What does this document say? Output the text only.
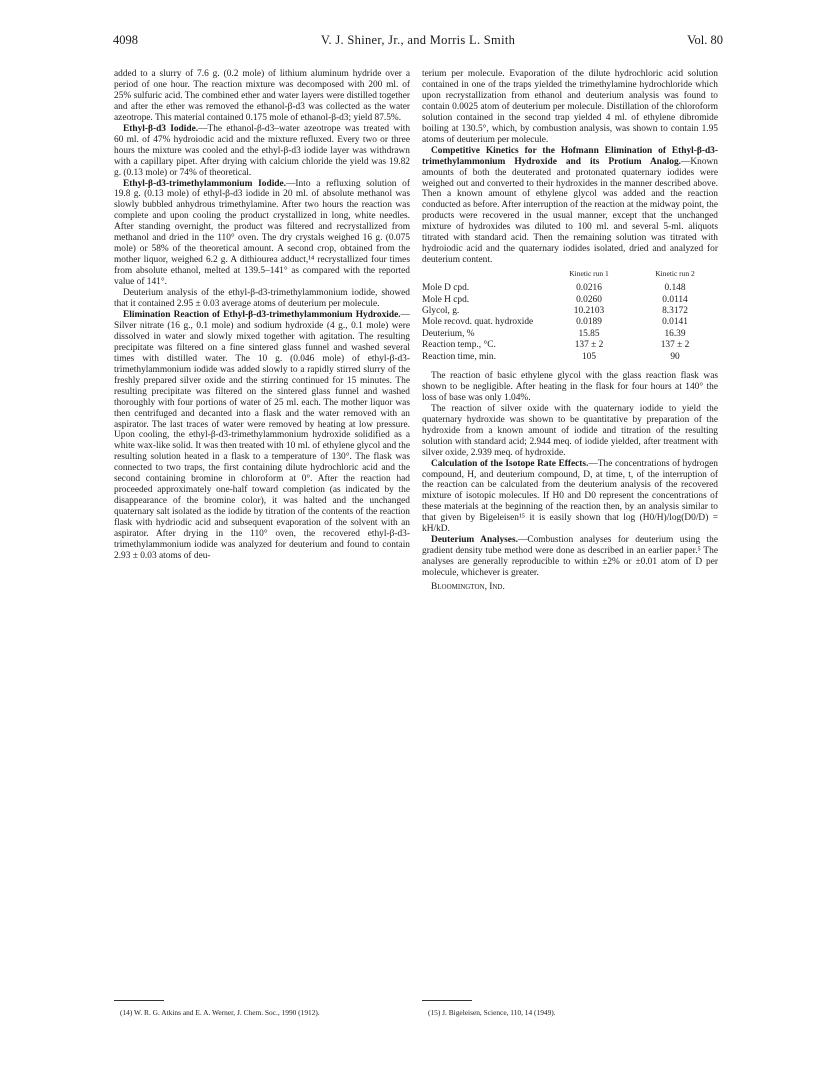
4098	V. J. Shiner, Jr., and Morris L. Smith	Vol. 80

added to a slurry of 7.6 g. (0.2 mole) of lithium aluminum hydride over a period of one hour. The reaction mixture was decomposed with 200 ml. of 25% sulfuric acid. The combined ether and water layers were distilled together and after the ether was removed the ethanol-β-d3 was collected as the water azeotrope. This material contained 0.175 mole of ethanol-β-d3; yield 87.5%.

Ethyl-β-d3 Iodide.—The ethanol-β-d3–water azeotrope was treated with 60 ml. of 47% hydroiodic acid and the mixture refluxed. Every two or three hours the mixture was cooled and the ethyl-β-d3 iodide layer was withdrawn with a capillary pipet. After drying with calcium chloride the yield was 19.82 g. (0.13 mole) or 74% of theoretical.

Ethyl-β-d3-trimethylammonium Iodide.—Into a refluxing solution of 19.8 g. (0.13 mole) of ethyl-β-d3 iodide in 20 ml. of absolute methanol was slowly bubbled anhydrous trimethylamine. After two hours the reaction was complete and upon cooling the product crystallized in long, white needles. After standing overnight, the product was filtered and recrystallized from methanol and dried in the 110° oven. The dry crystals weighed 16 g. (0.075 mole) or 58% of the theoretical amount. A second crop, obtained from the mother liquor, weighed 6.2 g. A dithiourea adduct,¹⁴ recrystallized four times from absolute ethanol, melted at 139.5–141° as compared with the reported value of 141°.

Deuterium analysis of the ethyl-β-d3-trimethylammonium iodide, showed that it contained 2.95 ± 0.03 average atoms of deuterium per molecule.

Elimination Reaction of Ethyl-β-d3-trimethylammonium Hydroxide.—Silver nitrate (16 g., 0.1 mole) and sodium hydroxide (4 g., 0.1 mole) were dissolved in water and slowly mixed together with agitation. The resulting precipitate was filtered on a fine sintered glass funnel and washed several times with distilled water. The 10 g. (0.046 mole) of ethyl-β-d3-trimethylammonium iodide was added slowly to a rapidly stirred slurry of the freshly prepared silver oxide and the stirring continued for 15 minutes. The resulting precipitate was filtered on the sintered glass funnel and washed thoroughly with four portions of water of 25 ml. each. The mother liquor was then centrifuged and decanted into a flask and the water removed with an aspirator. The last traces of water were removed by heating at low pressure. Upon cooling, the ethyl-β-d3-trimethylammonium hydroxide solidified as a white wax-like solid. It was then treated with 10 ml. of ethylene glycol and the resulting solution heated in a flask to a temperature of 130°. The flask was connected to two traps, the first containing dilute hydrochloric acid and the second containing bromine in chloroform at 0°. After the reaction had proceeded approximately one-half toward completion (as indicated by the disappearance of the bromine color), it was halted and the unchanged quaternary salt isolated as the iodide by titration of the contents of the reaction flask with hydriodic acid and subsequent evaporation of the solvent with an aspirator. After drying in the 110° oven, the recovered ethyl-β-d3-trimethylammonium iodide was analyzed for deuterium and found to contain 2.93 ± 0.03 atoms of deu-

terium per molecule. Evaporation of the dilute hydrochloric acid solution contained in one of the traps yielded the trimethylamine hydrochloride which upon recrystallization from ethanol and deuterium analysis was found to contain 0.0025 atom of deuterium per molecule. Distillation of the chloroform solution contained in the second trap yielded 4 ml. of ethylene dibromide boiling at 130.5°, which, by combustion analysis, was shown to contain 1.95 atoms of deuterium per molecule.

Competitive Kinetics for the Hofmann Elimination of Ethyl-β-d3-trimethylammonium Hydroxide and its Protium Analog.—Known amounts of both the deuterated and protonated quaternary iodides were weighed out and converted to their hydroxides in the manner described above. Then a known amount of ethylene glycol was added and the reaction conducted as before. After interruption of the reaction at the midway point, the products were recovered in the usual manner, except that the unchanged mixture of hydroxides was diluted to 100 ml. and several 5-ml. aliquots titrated with standard acid. Then the remaining solution was titrated with hydroiodic acid and the quaternary iodides isolated, dried and analyzed for deuterium content.

	Kinetic run 1	Kinetic run 2
Mole D cpd.	0.0216	0.148
Mole H cpd.	0.0260	0.0114
Glycol, g.	10.2103	8.3172
Mole recovd. quat. hydroxide	0.0189	0.0141
Deuterium, %	15.85	16.39
Reaction temp., °C.	137 ± 2	137 ± 2
Reaction time, min.	105	90

The reaction of basic ethylene glycol with the glass reaction flask was shown to be negligible. After heating in the flask for four hours at 140° the loss of base was only 1.04%.

The reaction of silver oxide with the quaternary iodide to yield the quaternary hydroxide was shown to be quantitative by preparation of the hydroxide from a known amount of iodide and titration of the resulting solution with standard acid; 2.944 meq. of iodide yielded, after treatment with silver oxide, 2.939 meq. of hydroxide.

Calculation of the Isotope Rate Effects.—The concentrations of hydrogen compound, H, and deuterium compound, D, at time, t, of the interruption of the reaction can be calculated from the deuterium analysis of the recovered mixture of isotopic molecules. If H0 and D0 represent the concentrations of these materials at the beginning of the reaction then, by an analysis similar to that given by Bigeleisen¹⁵ it is easily shown that log (H0/H)/log(D0/D) = kH/kD.

Deuterium Analyses.—Combustion analyses for deuterium using the gradient density tube method were done as described in an earlier paper.⁵ The analyses are generally reproducible to within ±2% or ±0.01 atom of D per molecule, whichever is greater.

Bloomington, Ind.

(14) W. R. G. Atkins and E. A. Werner, J. Chem. Soc., 1990 (1912).	(15) J. Bigeleisen, Science, 110, 14 (1949).
